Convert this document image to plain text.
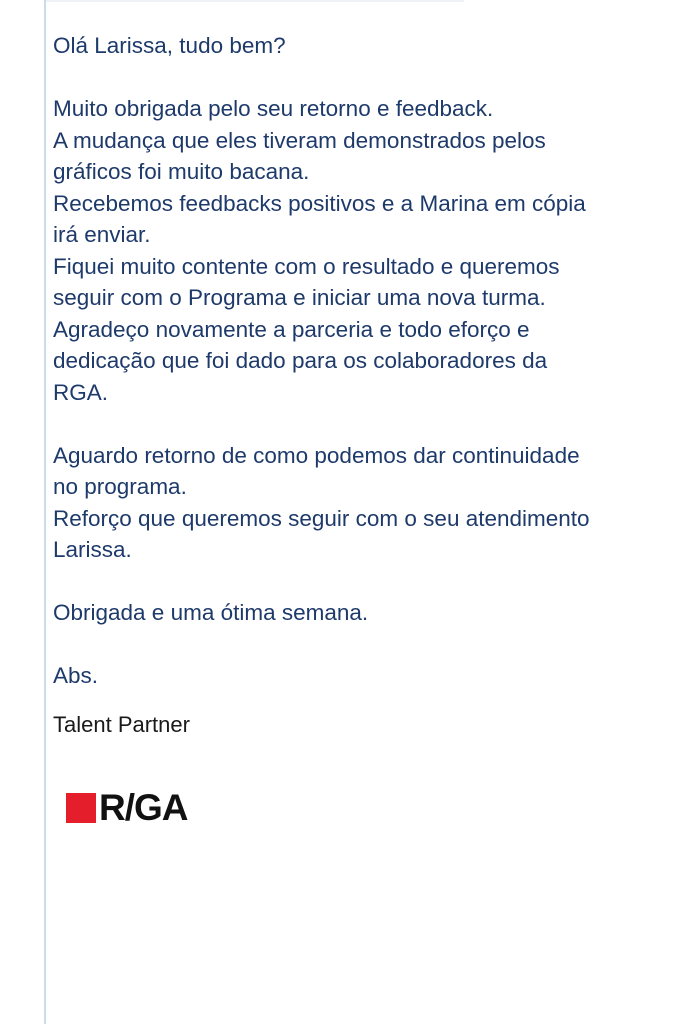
Olá Larissa, tudo bem?

Muito obrigada pelo seu retorno e feedback.
A mudança que eles tiveram demonstrados pelos
gráficos foi muito bacana.
Recebemos feedbacks positivos e a Marina em cópia
irá enviar.
Fiquei muito contente com o resultado e queremos
seguir com o Programa e iniciar uma nova turma.
Agradeço novamente a parceria e todo eforço e
dedicação que foi dado para os colaboradores da
RGA.

Aguardo retorno de como podemos dar continuidade
no programa.
Reforço que queremos seguir com o seu atendimento
Larissa.

Obrigada e uma ótima semana.

Abs.

Talent Partner
R/GA
